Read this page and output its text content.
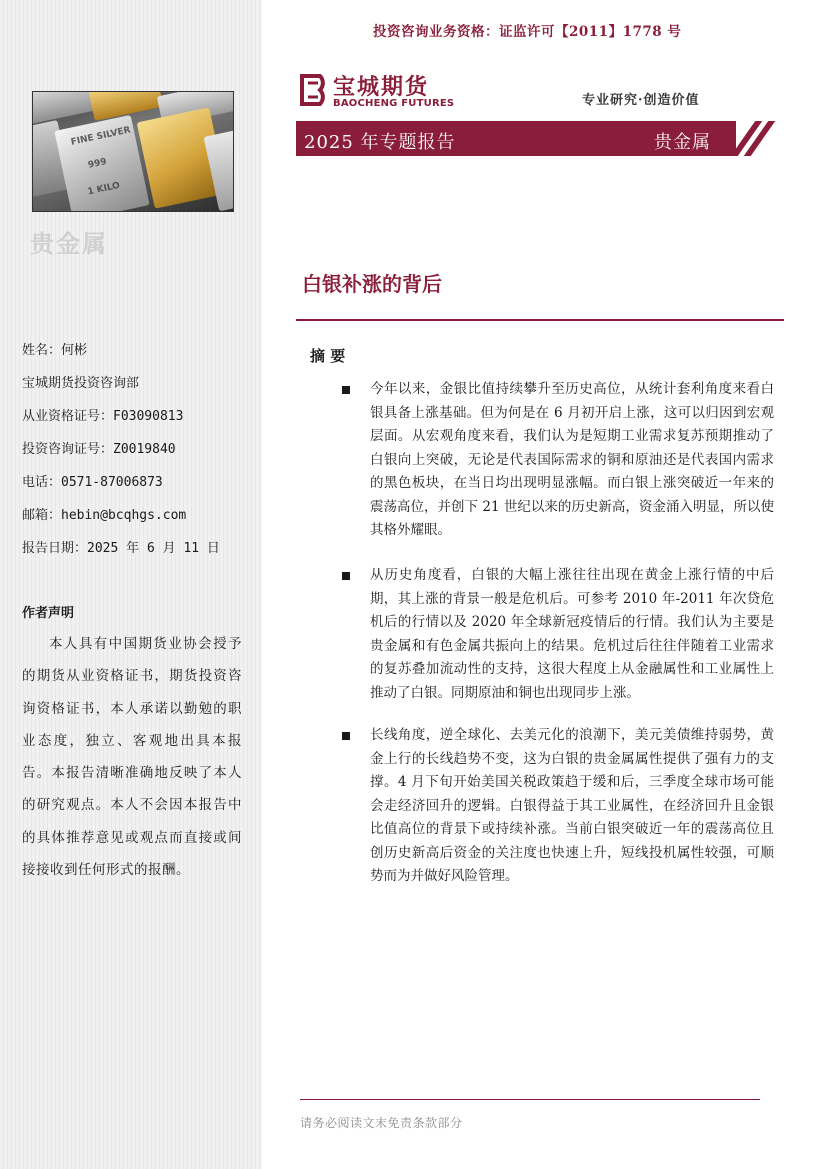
FINE SILVER
999
1 KILO
贵金属
姓名：何彬
宝城期货投资咨询部
从业资格证号：F03090813
投资咨询证号：Z0019840
电话：0571-87006873
邮箱：hebin@bcqhgs.com
报告日期：2025 年 6 月 11 日
作者声明
本人具有中国期货业协会授予的期货从业资格证书，期货投资咨询资格证书，本人承诺以勤勉的职业态度，独立、客观地出具本报告。本报告清晰准确地反映了本人的研究观点。本人不会因本报告中的具体推荐意见或观点而直接或间接接收到任何形式的报酬。
投资咨询业务资格：证监许可【2011】1778 号
宝城期货
BAOCHENG FUTURES	专业研究·创造价值
2025 年专题报告	贵金属
白银补涨的背后
摘 要
今年以来，金银比值持续攀升至历史高位，从统计套利角度来看白银具备上涨基础。但为何是在 6 月初开启上涨，这可以归因到宏观层面。从宏观角度来看，我们认为是短期工业需求复苏预期推动了白银向上突破，无论是代表国际需求的铜和原油还是代表国内需求的黑色板块，在当日均出现明显涨幅。而白银上涨突破近一年来的震荡高位，并创下 21 世纪以来的历史新高，资金涌入明显，所以使其格外耀眼。
从历史角度看，白银的大幅上涨往往出现在黄金上涨行情的中后期，其上涨的背景一般是危机后。可参考 2010 年-2011 年次贷危机后的行情以及 2020 年全球新冠疫情后的行情。我们认为主要是贵金属和有色金属共振向上的结果。危机过后往往伴随着工业需求的复苏叠加流动性的支持，这很大程度上从金融属性和工业属性上推动了白银。同期原油和铜也出现同步上涨。
长线角度，逆全球化、去美元化的浪潮下，美元美债维持弱势，黄金上行的长线趋势不变，这为白银的贵金属属性提供了强有力的支撑。4 月下旬开始美国关税政策趋于缓和后，三季度全球市场可能会走经济回升的逻辑。白银得益于其工业属性，在经济回升且金银比值高位的背景下或持续补涨。当前白银突破近一年的震荡高位且创历史新高后资金的关注度也快速上升，短线投机属性较强，可顺势而为并做好风险管理。
请务必阅读文末免责条款部分
